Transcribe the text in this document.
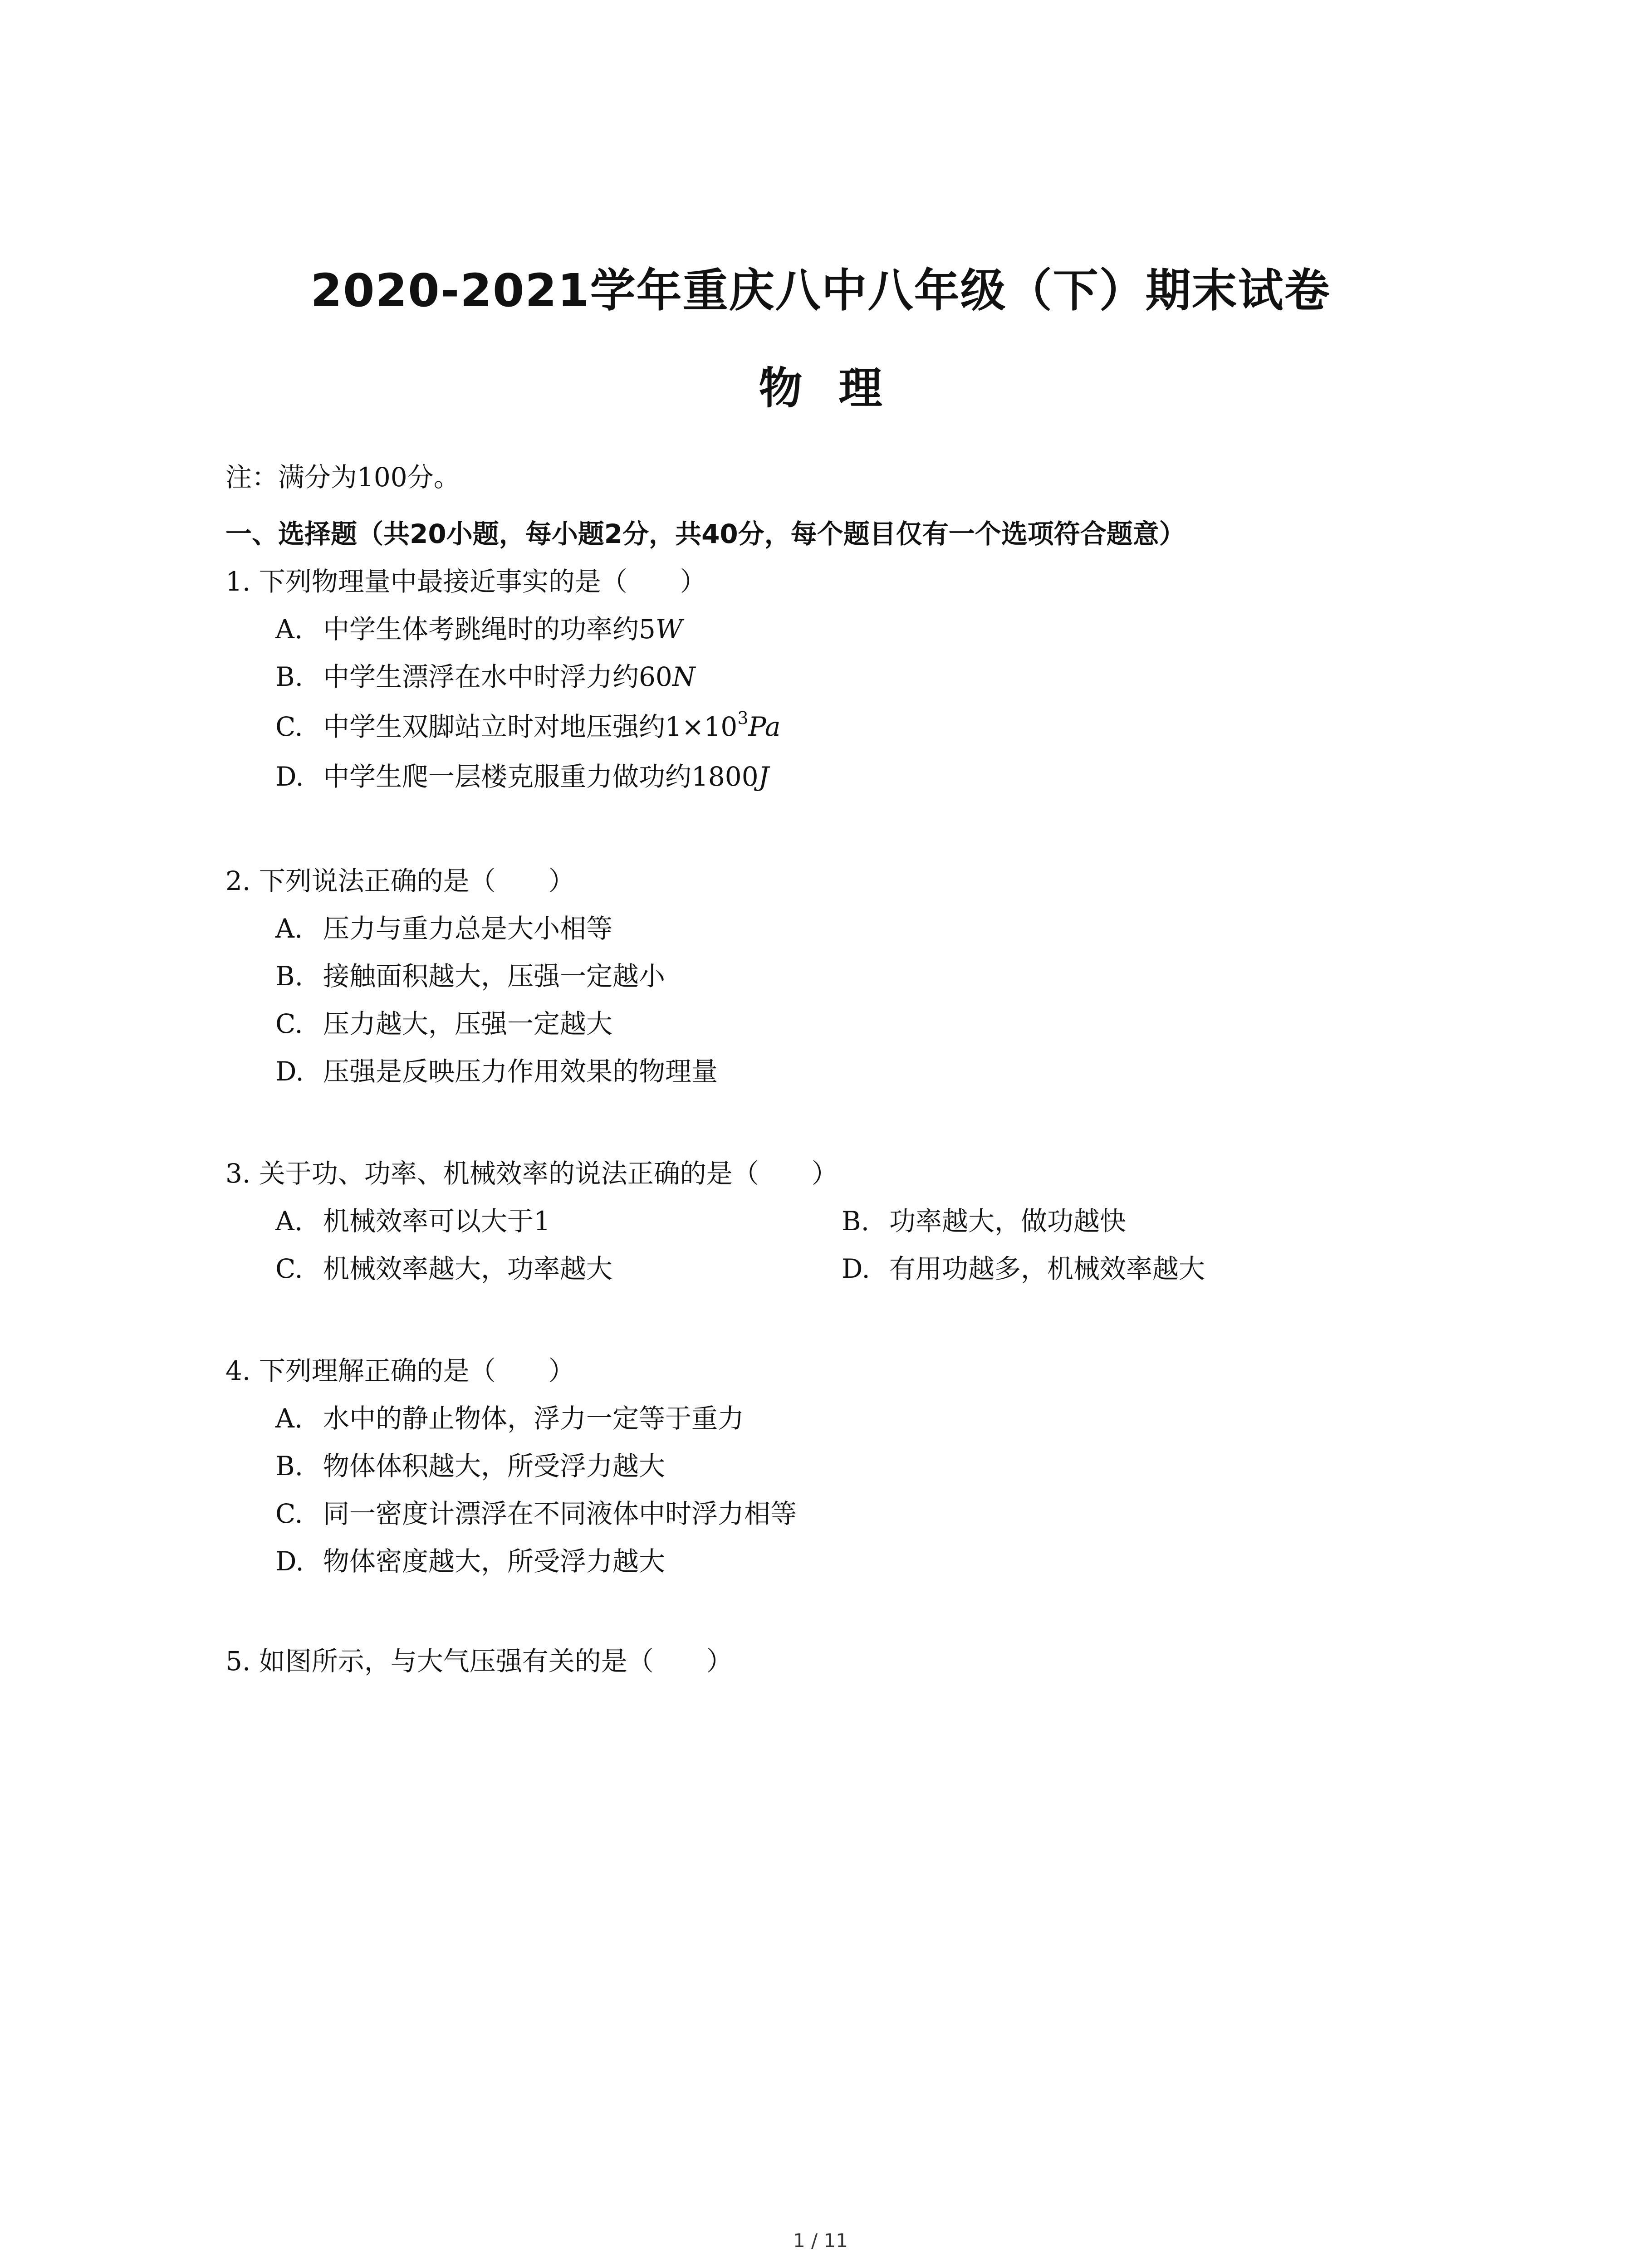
2020-2021学年重庆八中八年级（下）期末试卷
物理
注：满分为100分。
一、选择题（共20小题，每小题2分，共40分，每个题目仅有一个选项符合题意）
1. 下列物理量中最接近事实的是（　　）
A. 中学生体考跳绳时的功率约5W
B. 中学生漂浮在水中时浮力约60N
C. 中学生双脚站立时对地压强约$1\times 10^3Pa$
D. 中学生爬一层楼克服重力做功约1800J
2. 下列说法正确的是（　　）
A. 压力与重力总是大小相等
B. 接触面积越大，压强一定越小
C. 压力越大，压强一定越大
D. 压强是反映压力作用效果的物理量
3. 关于功、功率、机械效率的说法正确的是（　　）
A. 机械效率可以大于1	B. 功率越大，做功越快
C. 机械效率越大，功率越大	D. 有用功越多，机械效率越大
4. 下列理解正确的是（　　）
A. 水中的静止物体，浮力一定等于重力
B. 物体体积越大，所受浮力越大
C. 同一密度计漂浮在不同液体中时浮力相等
D. 物体密度越大，所受浮力越大
5. 如图所示，与大气压强有关的是（　　）
1 / 11
